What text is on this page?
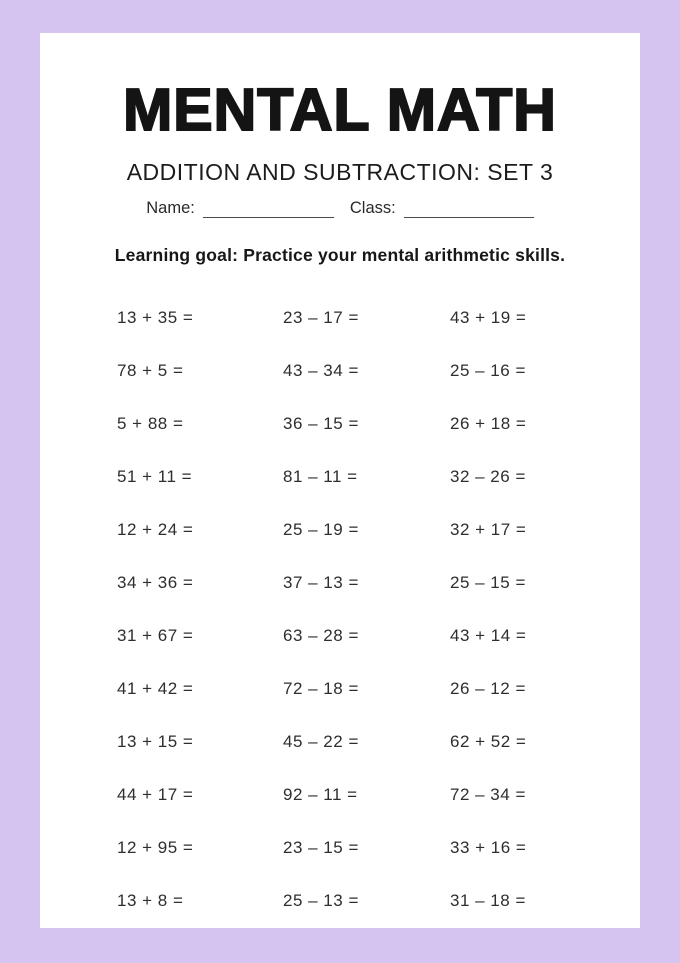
MENTAL MATH
ADDITION AND SUBTRACTION: SET 3
Name:	Class:

Learning goal: Practice your mental arithmetic skills.

13 + 35 =	23 – 17 =	43 + 19 =
78 + 5 =	43 – 34 =	25 – 16 =
5 + 88 =	36 – 15 =	26 + 18 =
51 + 11 =	81 – 11 =	32 – 26 =
12 + 24 =	25 – 19 =	32 + 17 =
34 + 36 =	37 – 13 =	25 – 15 =
31 + 67 =	63 – 28 =	43 + 14 =
41 + 42 =	72 – 18 =	26 – 12 =
13 + 15 =	45 – 22 =	62 + 52 =
44 + 17 =	92 – 11 =	72 – 34 =
12 + 95 =	23 – 15 =	33 + 16 =
13 + 8 =	25 – 13 =	31 – 18 =
